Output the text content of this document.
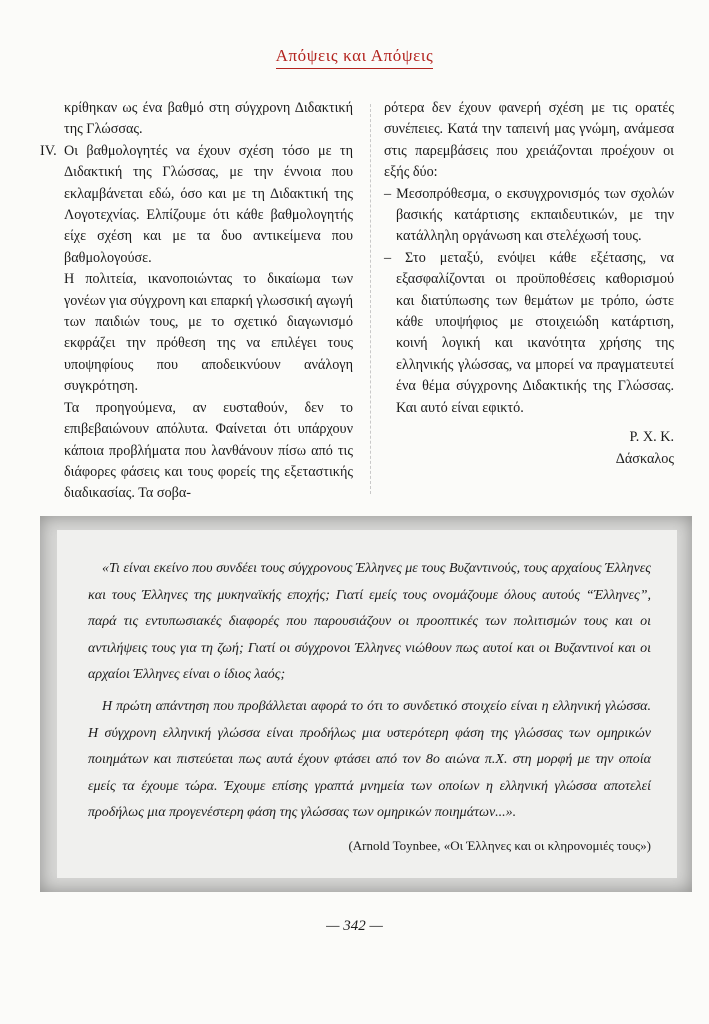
Απόψεις και Απόψεις

κρίθηκαν ως ένα βαθμό στη σύγχρονη Διδακτική της Γλώσσας.

IV. Οι βαθμολογητές να έχουν σχέση τόσο με τη Διδακτική της Γλώσσας, με την έννοια που εκλαμβάνεται εδώ, όσο και με τη Διδακτική της Λογοτεχνίας. Ελπίζουμε ότι κάθε βαθμολογητής είχε σχέση και με τα δυο αντικείμενα που βαθμολογούσε.

Η πολιτεία, ικανοποιώντας το δικαίωμα των γονέων για σύγχρονη και επαρκή γλωσσική αγωγή των παιδιών τους, με το σχετικό διαγωνισμό εκφράζει την πρόθεση της να επιλέγει τους υποψηφίους που αποδεικνύουν ανάλογη συγκρότηση.

Τα προηγούμενα, αν ευσταθούν, δεν το επιβεβαιώνουν απόλυτα. Φαίνεται ότι υπάρχουν κάποια προβλήματα που λανθάνουν πίσω από τις διάφορες φάσεις και τους φορείς της εξεταστικής διαδικασίας. Τα σοβα-

ρότερα δεν έχουν φανερή σχέση με τις ορατές συνέπειες. Κατά την ταπεινή μας γνώμη, ανάμεσα στις παρεμβάσεις που χρειάζονται προέχουν οι εξής δύο:

– Μεσοπρόθεσμα, ο εκσυγχρονισμός των σχολών βασικής κατάρτισης εκπαιδευτικών, με την κατάλληλη οργάνωση και στελέχωσή τους.

– Στο μεταξύ, ενόψει κάθε εξέτασης, να εξασφαλίζονται οι προϋποθέσεις καθορισμού και διατύπωσης των θεμάτων με τρόπο, ώστε κάθε υποψήφιος με στοιχειώδη κατάρτιση, κοινή λογική και ικανότητα χρήσης της ελληνικής γλώσσας, να μπορεί να πραγματευτεί ένα θέμα σύγχρονης Διδακτικής της Γλώσσας. Και αυτό είναι εφικτό.

Ρ. Χ. Κ.
Δάσκαλος

«Τι είναι εκείνο που συνδέει τους σύγχρονους Έλληνες με τους Βυζαντινούς, τους αρχαίους Έλληνες και τους Έλληνες της μυκηναϊκής εποχής; Γιατί εμείς τους ονομάζουμε όλους αυτούς “Έλληνες”, παρά τις εντυπωσιακές διαφορές που παρουσιάζουν οι προοπτικές των πολιτισμών τους και οι αντιλήψεις τους για τη ζωή; Γιατί οι σύγχρονοι Έλληνες νιώθουν πως αυτοί και οι Βυζαντινοί και οι αρχαίοι Έλληνες είναι ο ίδιος λαός;

Η πρώτη απάντηση που προβάλλεται αφορά το ότι το συνδετικό στοιχείο είναι η ελληνική γλώσσα. Η σύγχρονη ελληνική γλώσσα είναι προδήλως μια υστερότερη φάση της γλώσσας των ομηρικών ποιημάτων και πιστεύεται πως αυτά έχουν φτάσει από τον 8ο αιώνα π.Χ. στη μορφή με την οποία εμείς τα έχουμε τώρα. Έχουμε επίσης γραπτά μνημεία των οποίων η ελληνική γλώσσα αποτελεί προδήλως μια προγενέστερη φάση της γλώσσας των ομηρικών ποιημάτων...».

(Arnold Toynbee, «Οι Έλληνες και οι κληρονομιές τους»)
— 342 —
